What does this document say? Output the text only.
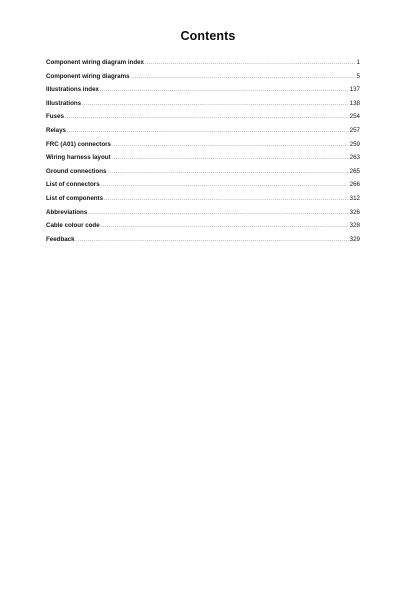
Contents
Component wiring diagram index .....	1
Component wiring diagrams .....	5
Illustrations index .....	137
Illustrations .....	138
Fuses .....	254
Relays .....	257
FRC (A01) connectors .....	259
Wiring harness layout .....	263
Ground connections .....	265
List of connectors .....	266
List of components .....	312
Abbreviations .....	326
Cable colour code .....	328
Feedback .....	329
